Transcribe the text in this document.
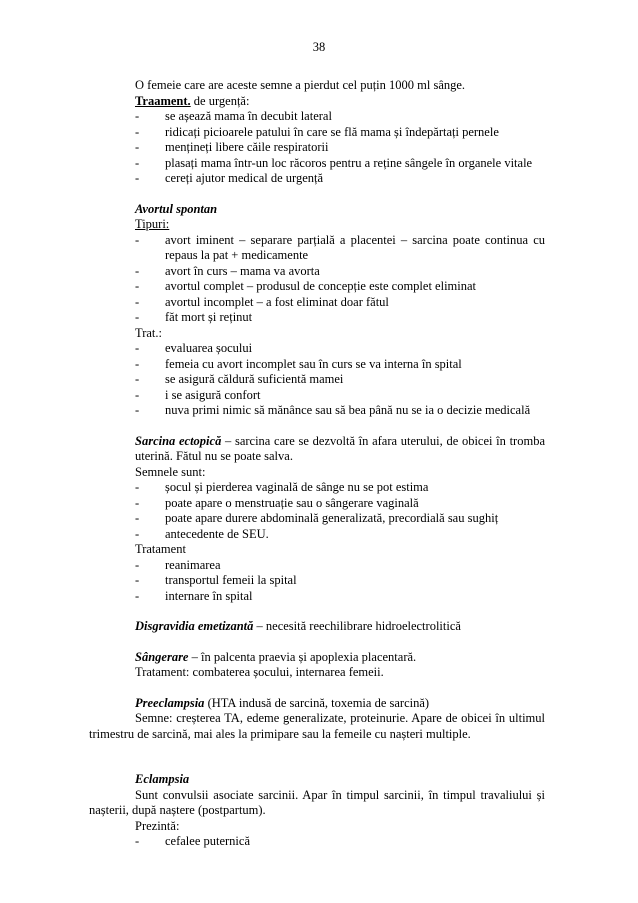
38

O femeie care are aceste semne a pierdut cel puțin 1000 ml sânge.

Traament. de urgență:

- se așează mama în decubit lateral
- ridicați picioarele patului în care se flă mama și îndepărtați pernele
- mențineți libere căile respiratorii
- plasați mama într-un loc răcoros pentru a reține sângele în organele vitale
- cereți ajutor medical de urgență

Avortul spontan

Tipuri:

- avort iminent – separare parțială a placentei – sarcina poate continua cu repaus la pat + medicamente
- avort în curs – mama va avorta
- avortul complet – produsul de concepție este complet eliminat
- avortul incomplet – a fost eliminat doar fătul
- făt mort și reținut

Trat.:

- evaluarea șocului
- femeia cu avort incomplet sau în curs se va interna în spital
- se asigură căldură suficientă mamei
- i se asigură confort
- nuva primi nimic să mănânce sau să bea până nu se ia o decizie medicală

Sarcina ectopică – sarcina care se dezvoltă în afara uterului, de obicei în tromba uterină. Fătul nu se poate salva.

Semnele sunt:

- șocul și pierderea vaginală de sânge nu se pot estima
- poate apare o menstruație sau o sângerare vaginală
- poate apare durere abdominală generalizată, precordială sau sughiț
- antecedente de SEU.

Tratament

- reanimarea
- transportul femeii la spital
- internare în spital

Disgravidia emetizantă – necesită reechilibrare hidroelectrolitică

Sângerare – în palcenta praevia și apoplexia placentară.

Tratament: combaterea șocului, internarea femeii.

Preeclampsia (HTA indusă de sarcină, toxemia de sarcină)

Semne: creșterea TA, edeme generalizate, proteinurie. Apare de obicei în ultimul trimestru de sarcină, mai ales la primipare sau la femeile cu nașteri multiple.

Eclampsia

Sunt convulsii asociate sarcinii. Apar în timpul sarcinii, în timpul travaliului și nașterii, după naștere (postpartum).

Prezintă:

- cefalee puternică
